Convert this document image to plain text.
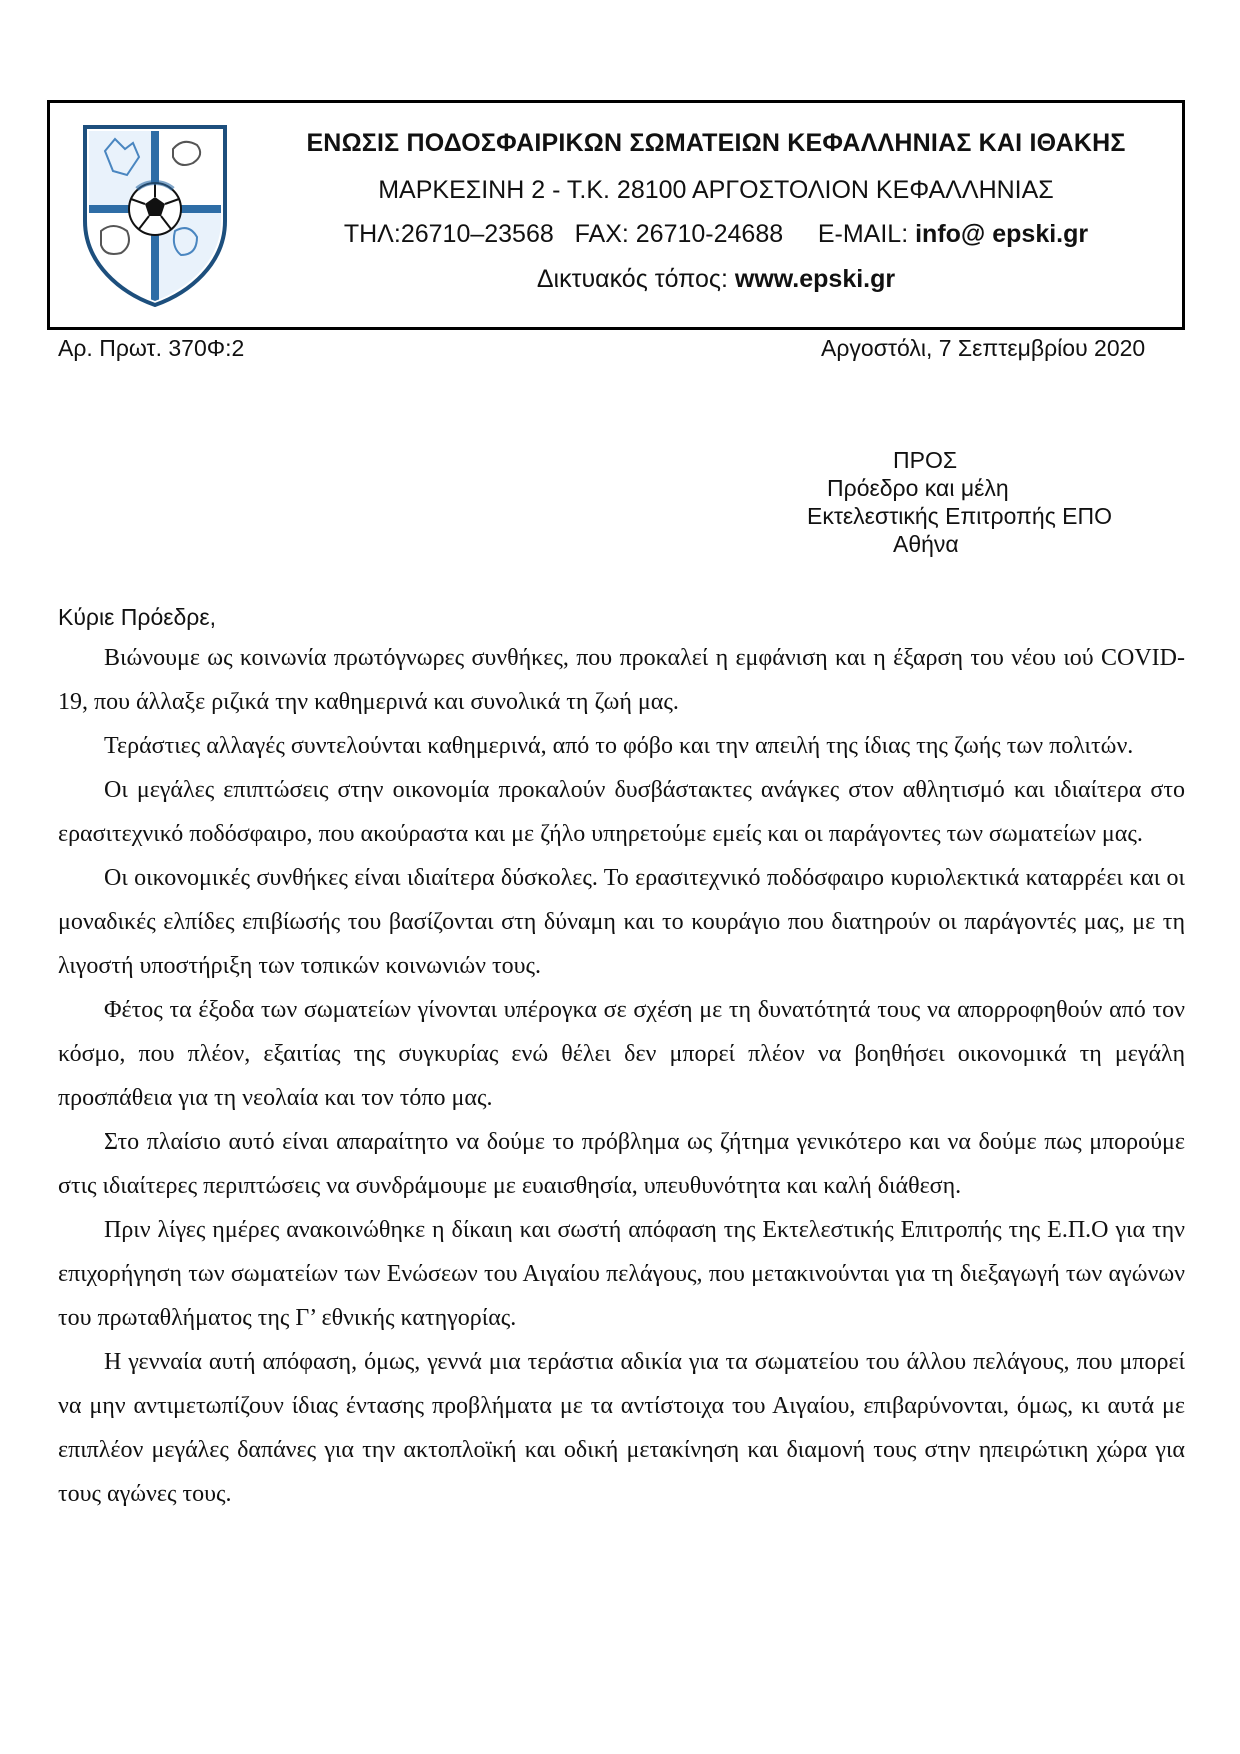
ΕΝΩΣΙΣ ΠΟΔΟΣΦΑΙΡΙΚΩΝ ΣΩΜΑΤΕΙΩΝ ΚΕΦΑΛΛΗΝΙΑΣ ΚΑΙ ΙΘΑΚΗΣ
ΜΑΡΚΕΣΙΝΗ 2 - Τ.Κ. 28100 ΑΡΓΟΣΤΟΛΙΟΝ ΚΕΦΑΛΛΗΝΙΑΣ
ΤΗΛ:26710–23568 FAX: 26710-24688 E-MAIL: info@ epski.gr
Δικτυακός τόπος: www.epski.gr
Αρ. Πρωτ. 370Φ:2	Αργοστόλι, 7 Σεπτεμβρίου 2020
ΠΡΟΣ
Πρόεδρο και μέλη
Εκτελεστικής Επιτροπής ΕΠΟ
Αθήνα
Κύριε Πρόεδρε,

Βιώνουμε ως κοινωνία πρωτόγνωρες συνθήκες, που προκαλεί η εμφάνιση και η έξαρση του νέου ιού COVID-19, που άλλαξε ριζικά την καθημερινά και συνολικά τη ζωή μας.

Τεράστιες αλλαγές συντελούνται καθημερινά, από το φόβο και την απειλή της ίδιας της ζωής των πολιτών.

Οι μεγάλες επιπτώσεις στην οικονομία προκαλούν δυσβάστακτες ανάγκες στον αθλητισμό και ιδιαίτερα στο ερασιτεχνικό ποδόσφαιρο, που ακούραστα και με ζήλο υπηρετούμε εμείς και οι παράγοντες των σωματείων μας.

Οι οικονομικές συνθήκες είναι ιδιαίτερα δύσκολες. Το ερασιτεχνικό ποδόσφαιρο κυριολεκτικά καταρρέει και οι μοναδικές ελπίδες επιβίωσής του βασίζονται στη δύναμη και το κουράγιο που διατηρούν οι παράγοντές μας, με τη λιγοστή υποστήριξη των τοπικών κοινωνιών τους.

Φέτος τα έξοδα των σωματείων γίνονται υπέρογκα σε σχέση με τη δυνατότητά τους να απορροφηθούν από τον κόσμο, που πλέον, εξαιτίας της συγκυρίας ενώ θέλει δεν μπορεί πλέον να βοηθήσει οικονομικά τη μεγάλη προσπάθεια για τη νεολαία και τον τόπο μας.

Στο πλαίσιο αυτό είναι απαραίτητο να δούμε το πρόβλημα ως ζήτημα γενικότερο και να δούμε πως μπορούμε στις ιδιαίτερες περιπτώσεις να συνδράμουμε με ευαισθησία, υπευθυνότητα και καλή διάθεση.

Πριν λίγες ημέρες ανακοινώθηκε η δίκαιη και σωστή απόφαση της Εκτελεστικής Επιτροπής της Ε.Π.Ο για την επιχορήγηση των σωματείων των Ενώσεων του Αιγαίου πελάγους, που μετακινούνται για τη διεξαγωγή των αγώνων του πρωταθλήματος της Γ’ εθνικής κατηγορίας.

Η γενναία αυτή απόφαση, όμως, γεννά μια τεράστια αδικία για τα σωματείου του άλλου πελάγους, που μπορεί να μην αντιμετωπίζουν ίδιας έντασης προβλήματα με τα αντίστοιχα του Αιγαίου, επιβαρύνονται, όμως, κι αυτά με επιπλέον μεγάλες δαπάνες για την ακτοπλοϊκή και οδική μετακίνηση και διαμονή τους στην ηπειρώτικη χώρα για τους αγώνες τους.
